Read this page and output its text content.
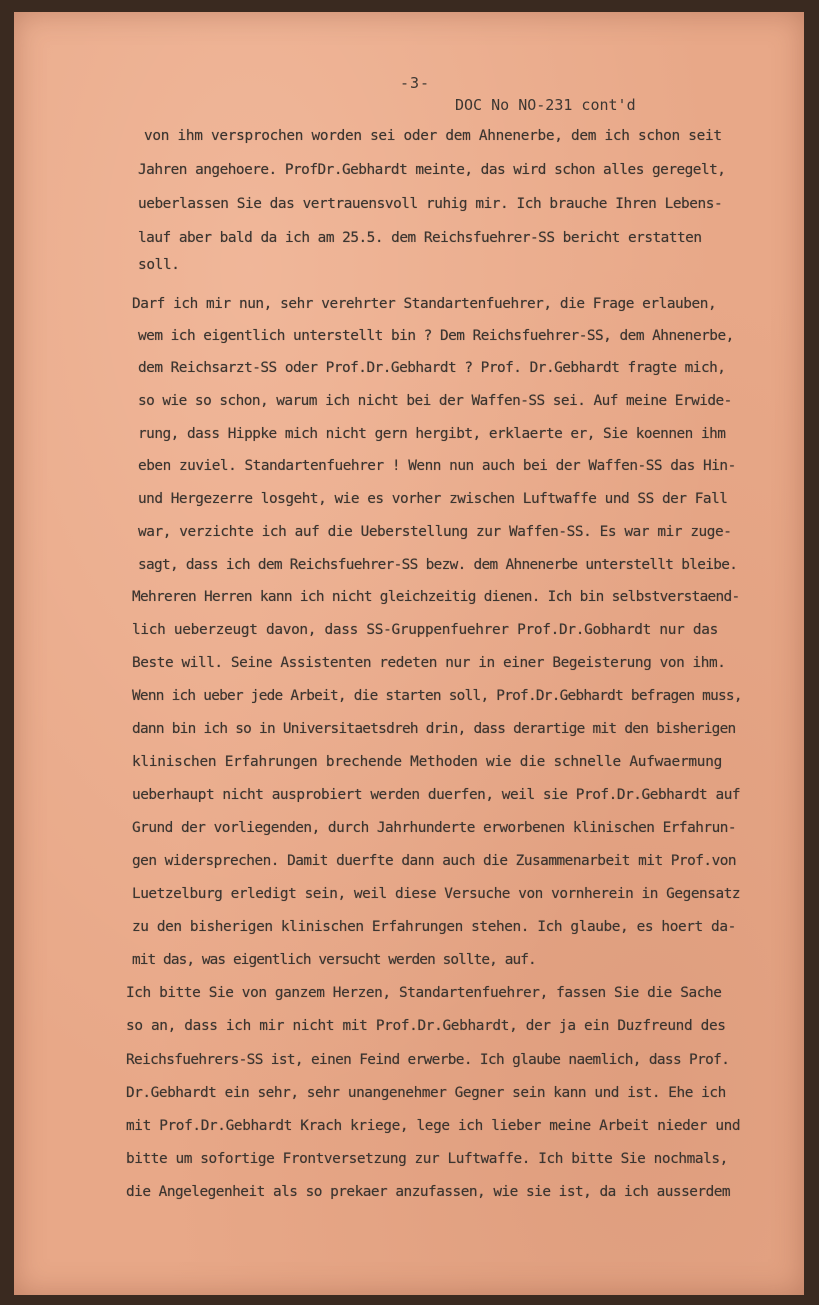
-3-
DOC No NO-231 cont'd
von ihm versprochen worden sei oder dem Ahnenerbe, dem ich schon seit
Jahren angehoere. ProfDr.Gebhardt meinte, das wird schon alles geregelt,
ueberlassen Sie das vertrauensvoll ruhig mir. Ich brauche Ihren Lebens-
lauf aber bald da ich am 25.5. dem Reichsfuehrer-SS bericht erstatten
soll.
Darf ich mir nun, sehr verehrter Standartenfuehrer, die Frage erlauben,
wem ich eigentlich unterstellt bin ? Dem Reichsfuehrer-SS, dem Ahnenerbe,
dem Reichsarzt-SS oder Prof.Dr.Gebhardt ? Prof. Dr.Gebhardt fragte mich,
so wie so schon, warum ich nicht bei der Waffen-SS sei. Auf meine Erwide-
rung, dass Hippke mich nicht gern hergibt, erklaerte er, Sie koennen ihm
eben zuviel. Standartenfuehrer ! Wenn nun auch bei der Waffen-SS das Hin-
und Hergezerre losgeht, wie es vorher zwischen Luftwaffe und SS der Fall
war, verzichte ich auf die Ueberstellung zur Waffen-SS. Es war mir zuge-
sagt, dass ich dem Reichsfuehrer-SS bezw. dem Ahnenerbe unterstellt bleibe.
Mehreren Herren kann ich nicht gleichzeitig dienen. Ich bin selbstverstaend-
lich ueberzeugt davon, dass SS-Gruppenfuehrer Prof.Dr.Gobhardt nur das
Beste will. Seine Assistenten redeten nur in einer Begeisterung von ihm.
Wenn ich ueber jede Arbeit, die starten soll, Prof.Dr.Gebhardt befragen muss,
dann bin ich so in Universitaetsdreh drin, dass derartige mit den bisherigen
klinischen Erfahrungen brechende Methoden wie die schnelle Aufwaermung
ueberhaupt nicht ausprobiert werden duerfen, weil sie Prof.Dr.Gebhardt auf
Grund der vorliegenden, durch Jahrhunderte erworbenen klinischen Erfahrun-
gen widersprechen. Damit duerfte dann auch die Zusammenarbeit mit Prof.von
Luetzelburg erledigt sein, weil diese Versuche von vornherein in Gegensatz
zu den bisherigen klinischen Erfahrungen stehen. Ich glaube, es hoert da-
mit das, was eigentlich versucht werden sollte, auf.
Ich bitte Sie von ganzem Herzen, Standartenfuehrer, fassen Sie die Sache
so an, dass ich mir nicht mit Prof.Dr.Gebhardt, der ja ein Duzfreund des
Reichsfuehrers-SS ist, einen Feind erwerbe. Ich glaube naemlich, dass Prof.
Dr.Gebhardt ein sehr, sehr unangenehmer Gegner sein kann und ist. Ehe ich
mit Prof.Dr.Gebhardt Krach kriege, lege ich lieber meine Arbeit nieder und
bitte um sofortige Frontversetzung zur Luftwaffe. Ich bitte Sie nochmals,
die Angelegenheit als so prekaer anzufassen, wie sie ist, da ich ausserdem
